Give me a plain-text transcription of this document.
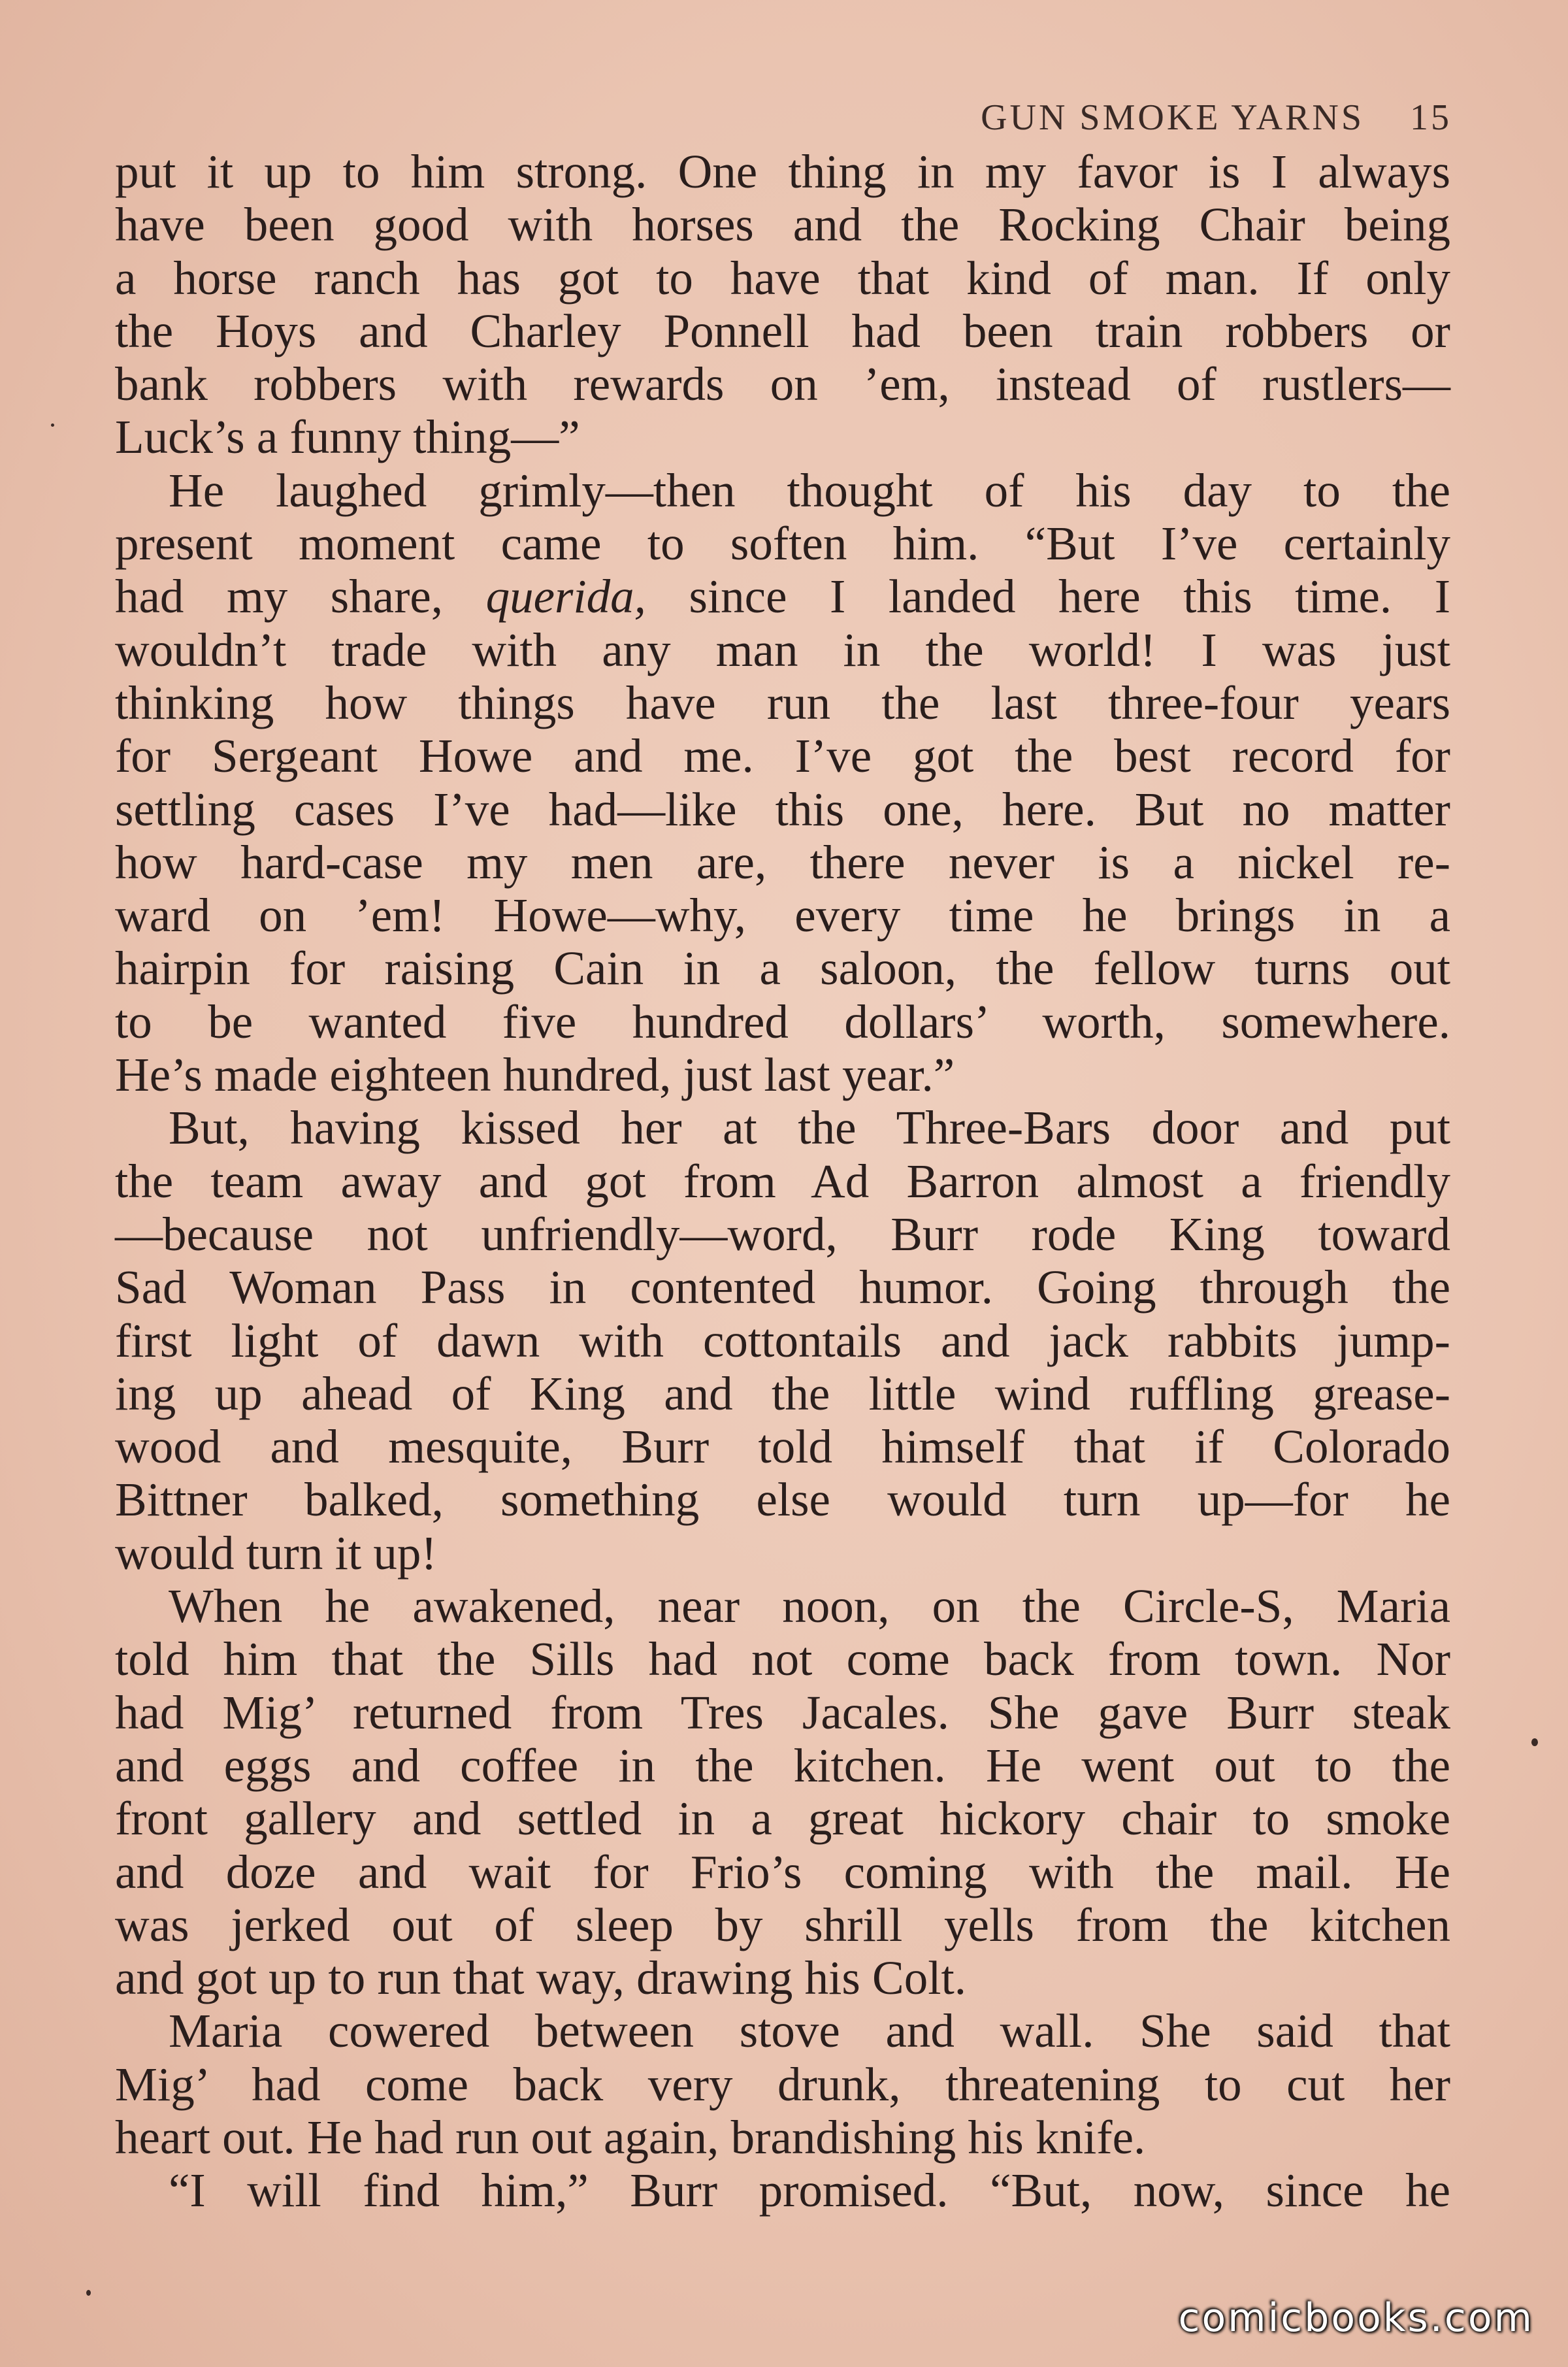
GUN SMOKE YARNS 15

put it up to him strong. One thing in my favor is I always
have been good with horses and the Rocking Chair being
a horse ranch has got to have that kind of man. If only
the Hoys and Charley Ponnell had been train robbers or
bank robbers with rewards on ’em, instead of rustlers—
Luck’s a funny thing—”

He laughed grimly—then thought of his day to the
present moment came to soften him. “But I’ve certainly
had my share, querida, since I landed here this time. I
wouldn’t trade with any man in the world! I was just
thinking how things have run the last three-four years
for Sergeant Howe and me. I’ve got the best record for
settling cases I’ve had—like this one, here. But no matter
how hard-case my men are, there never is a nickel re-
ward on ’em! Howe—why, every time he brings in a
hairpin for raising Cain in a saloon, the fellow turns out
to be wanted five hundred dollars’ worth, somewhere.
He’s made eighteen hundred, just last year.”

But, having kissed her at the Three-Bars door and put
the team away and got from Ad Barron almost a friendly
—because not unfriendly—word, Burr rode King toward
Sad Woman Pass in contented humor. Going through the
first light of dawn with cottontails and jack rabbits jump-
ing up ahead of King and the little wind ruffling grease-
wood and mesquite, Burr told himself that if Colorado
Bittner balked, something else would turn up—for he
would turn it up!

When he awakened, near noon, on the Circle-S, Maria
told him that the Sills had not come back from town. Nor
had Mig’ returned from Tres Jacales. She gave Burr steak
and eggs and coffee in the kitchen. He went out to the
front gallery and settled in a great hickory chair to smoke
and doze and wait for Frio’s coming with the mail. He
was jerked out of sleep by shrill yells from the kitchen
and got up to run that way, drawing his Colt.

Maria cowered between stove and wall. She said that
Mig’ had come back very drunk, threatening to cut her
heart out. He had run out again, brandishing his knife.

“I will find him,” Burr promised. “But, now, since he

comicbooks.com
